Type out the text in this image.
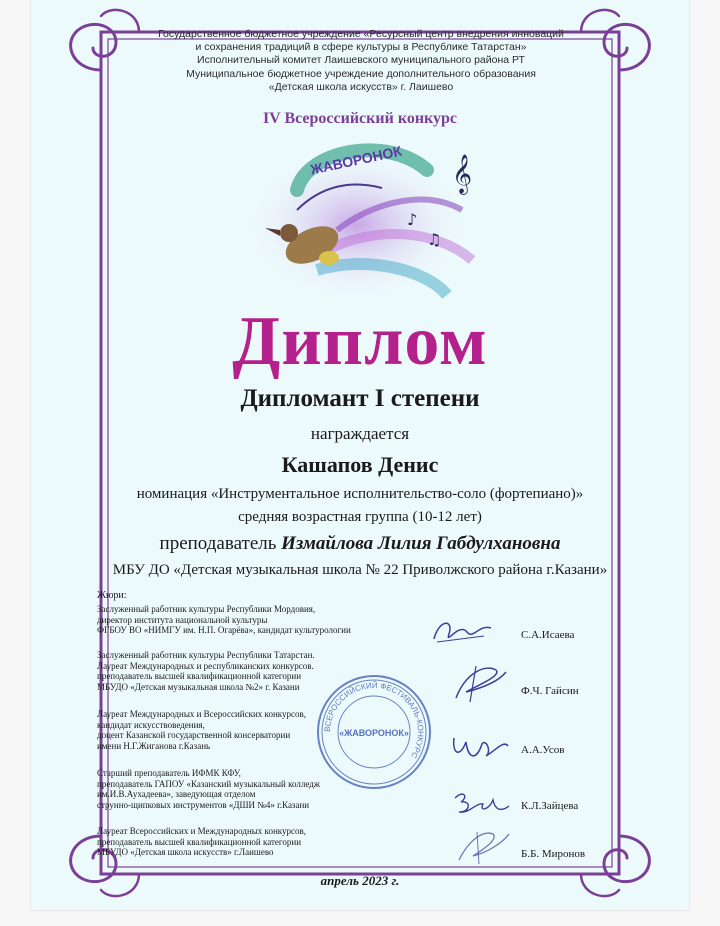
Государственное бюджетное учреждение «Ресурсный центр внедрения инноваций
и сохранения традиций в сфере культуры в Республике Татарстан»
Исполнительный комитет Лаишевского муниципального района РТ
Муниципальное бюджетное учреждение дополнительного образования
«Детская школа искусств» г. Лаишево
IV Всероссийский конкурс
ЖАВОРОНОК 𝄞
♪
♫
Диплом
Дипломант I степени
награждается
Кашапов Денис
номинация «Инструментальное исполнительство-соло (фортепиано)»
средняя возрастная группа (10-12 лет)
преподаватель Измайлова Лилия Габдулхановна
МБУ ДО «Детская музыкальная школа № 22 Приволжского района г.Казани»
Жюри:
Заслуженный работник культуры Республики Мордовия,
директор института национальной культуры
ФГБОУ ВО «НИМГУ им. Н.П. Огарёва», кандидат культурологии	С.А.Исаева
Заслуженный работник культуры Республики Татарстан.
Лауреат Международных и республиканских конкурсов.
преподаватель высшей квалификационной категории
МБУДО «Детская музыкальная школа №2» г. Казани	Ф.Ч. Гайсин
Лауреат Международных и Всероссийских конкурсов,
кандидат искусствоведения,
доцент Казанской государственной консерватории
имени Н.Г.Жиганова г.Казань	А.А.Усов
Старший преподаватель ИФМК КФУ,
преподаватель ГАПОУ «Казанский музыкальный колледж
им.И.В.Аухадеева», заведующая отделом
струнно-щипковых инструментов «ДШИ №4» г.Казани	К.Л.Зайцева
Лауреат Всероссийских и Международных конкурсов,
преподаватель высшей квалификационной категории
МБУДО «Детская школа искусств» г.Лаишево	Б.Б. Миронов
ВСЕРОССИЙСКИЙ ФЕСТИВАЛЬ-КОНКУРС
«ЖАВОРОНОК»
апрель 2023 г.
